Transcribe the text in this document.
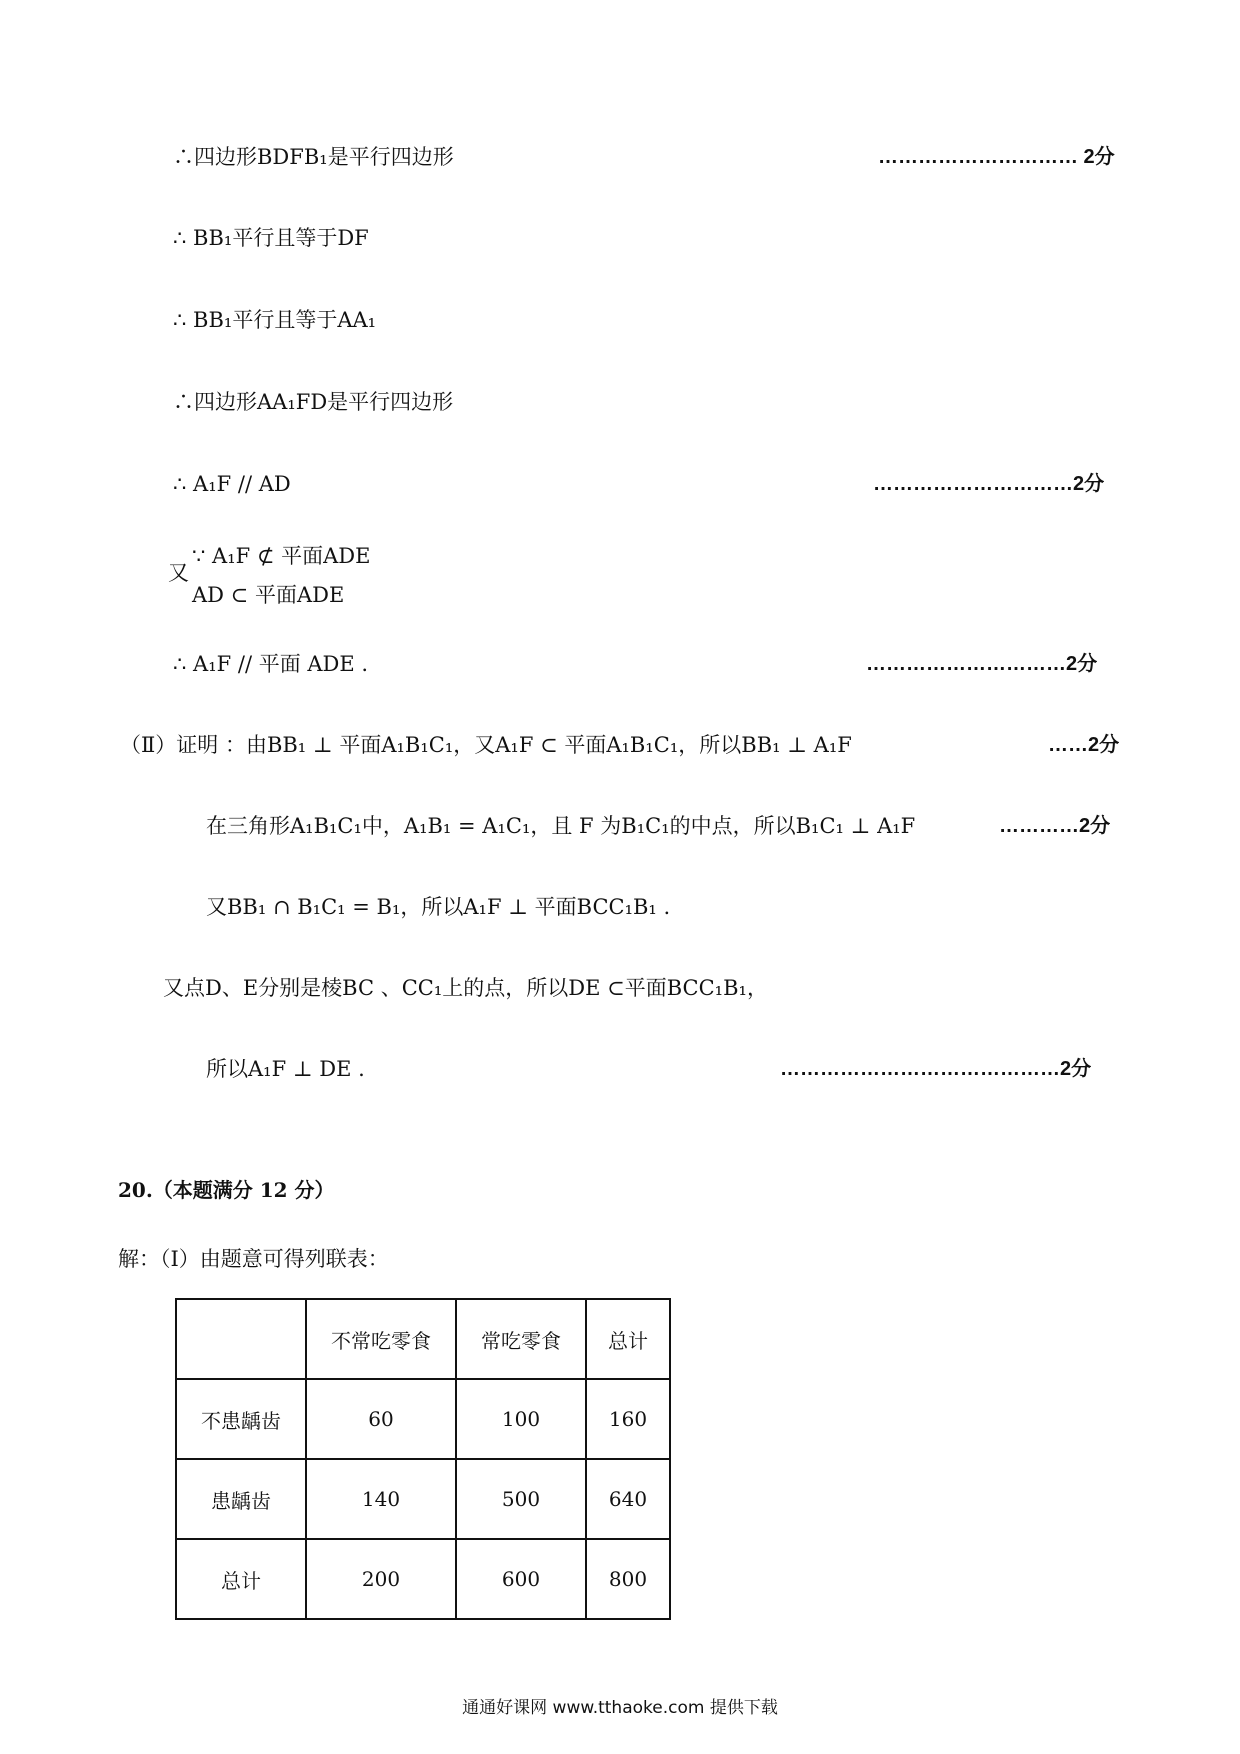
∴四边形BDFB₁是平行四边形	………………………… 2分
∴ BB₁平行且等于DF
∴ BB₁平行且等于AA₁
∴四边形AA₁FD是平行四边形
∴ A₁F // AD	…………………………2分
又
∵ A₁F ⊄ 平面ADE
AD ⊂ 平面ADE
∴ A₁F // 平面 ADE .	…………………………2分
（Ⅱ）证明 ：由BB₁ ⊥ 平面A₁B₁C₁，又A₁F ⊂ 平面A₁B₁C₁，所以BB₁ ⊥ A₁F	……2分
在三角形A₁B₁C₁中，A₁B₁ = A₁C₁，且 F 为B₁C₁的中点，所以B₁C₁ ⊥ A₁F	…………2分
又BB₁ ∩ B₁C₁ = B₁，所以A₁F ⊥ 平面BCC₁B₁ .
又点D、E分别是棱BC 、CC₁上的点，所以DE ⊂平面BCC₁B₁，
所以A₁F ⊥ DE .	……………………………………2分
20.（本题满分 12 分）
解：（Ⅰ）由题意可得列联表：
	不常吃零食	常吃零食	总计
不患龋齿	60	100	160
患龋齿	140	500	640
总计	200	600	800
通通好课网 www.tthaoke.com 提供下载
